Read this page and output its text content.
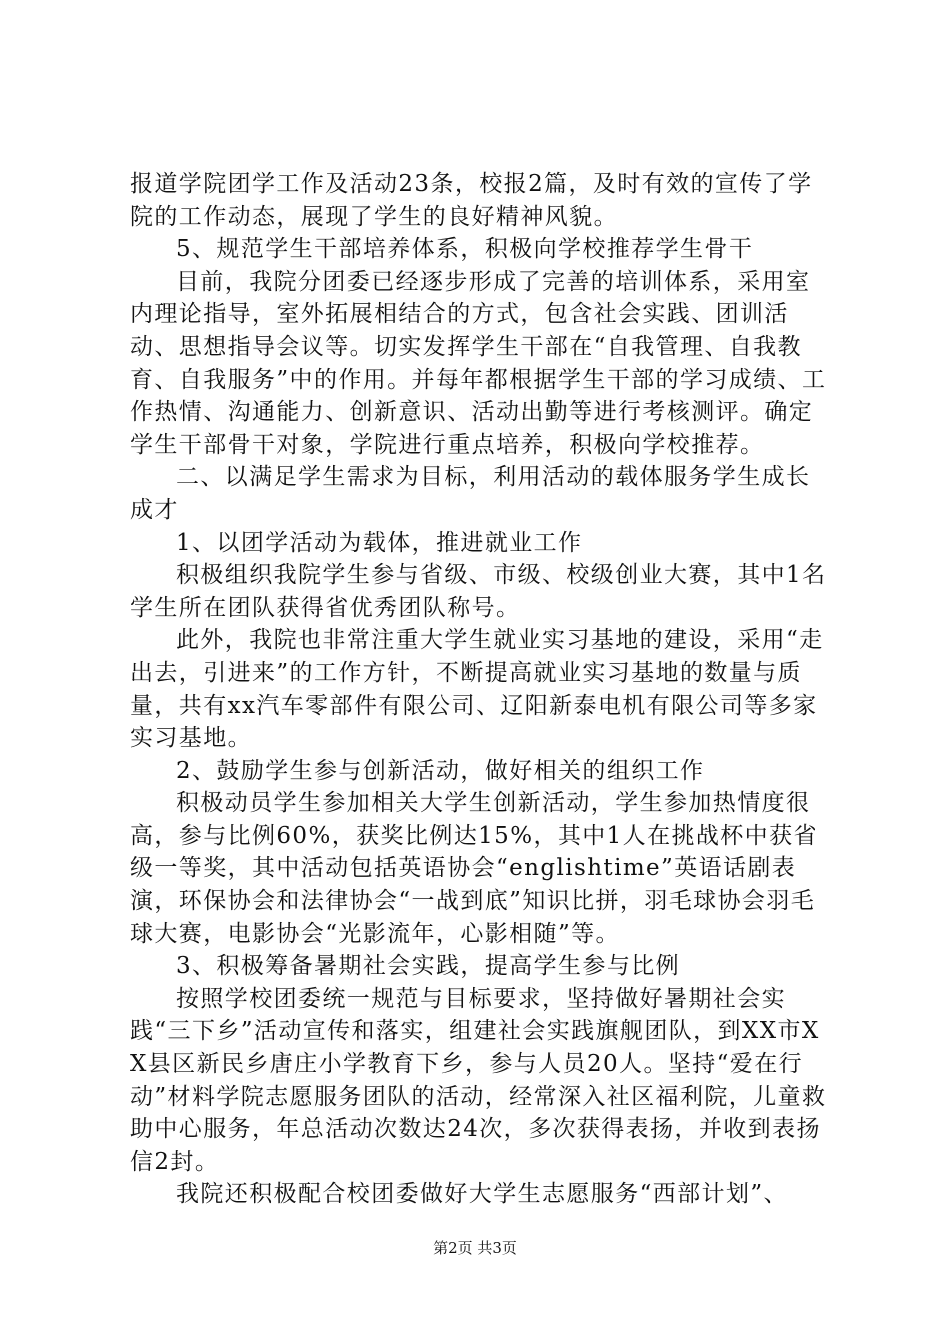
报道学院团学工作及活动23条，校报2篇，及时有效的宣传了学院的工作动态，展现了学生的良好精神风貌。

5、规范学生干部培养体系，积极向学校推荐学生骨干

目前，我院分团委已经逐步形成了完善的培训体系，采用室内理论指导，室外拓展相结合的方式，包含社会实践、团训活动、思想指导会议等。切实发挥学生干部在“自我管理、自我教育、自我服务”中的作用。并每年都根据学生干部的学习成绩、工作热情、沟通能力、创新意识、活动出勤等进行考核测评。确定学生干部骨干对象，学院进行重点培养，积极向学校推荐。

二、以满足学生需求为目标，利用活动的载体服务学生成长成才

1、以团学活动为载体，推进就业工作

积极组织我院学生参与省级、市级、校级创业大赛，其中1名学生所在团队获得省优秀团队称号。

此外，我院也非常注重大学生就业实习基地的建设，采用“走出去，引进来”的工作方针，不断提高就业实习基地的数量与质量，共有xx汽车零部件有限公司、辽阳新泰电机有限公司等多家实习基地。

2、鼓励学生参与创新活动，做好相关的组织工作

积极动员学生参加相关大学生创新活动，学生参加热情度很高，参与比例60%，获奖比例达15%，其中1人在挑战杯中获省级一等奖，其中活动包括英语协会“englishtime”英语话剧表演，环保协会和法律协会“一战到底”知识比拼，羽毛球协会羽毛球大赛，电影协会“光影流年，心影相随”等。

3、积极筹备暑期社会实践，提高学生参与比例

按照学校团委统一规范与目标要求，坚持做好暑期社会实践“三下乡”活动宣传和落实，组建社会实践旗舰团队，到XX市XX县区新民乡唐庄小学教育下乡，参与人员20人。坚持“爱在行动”材料学院志愿服务团队的活动，经常深入社区福利院，儿童救助中心服务，年总活动次数达24次，多次获得表扬，并收到表扬信2封。

我院还积极配合校团委做好大学生志愿服务“西部计划”、

第2页 共3页
